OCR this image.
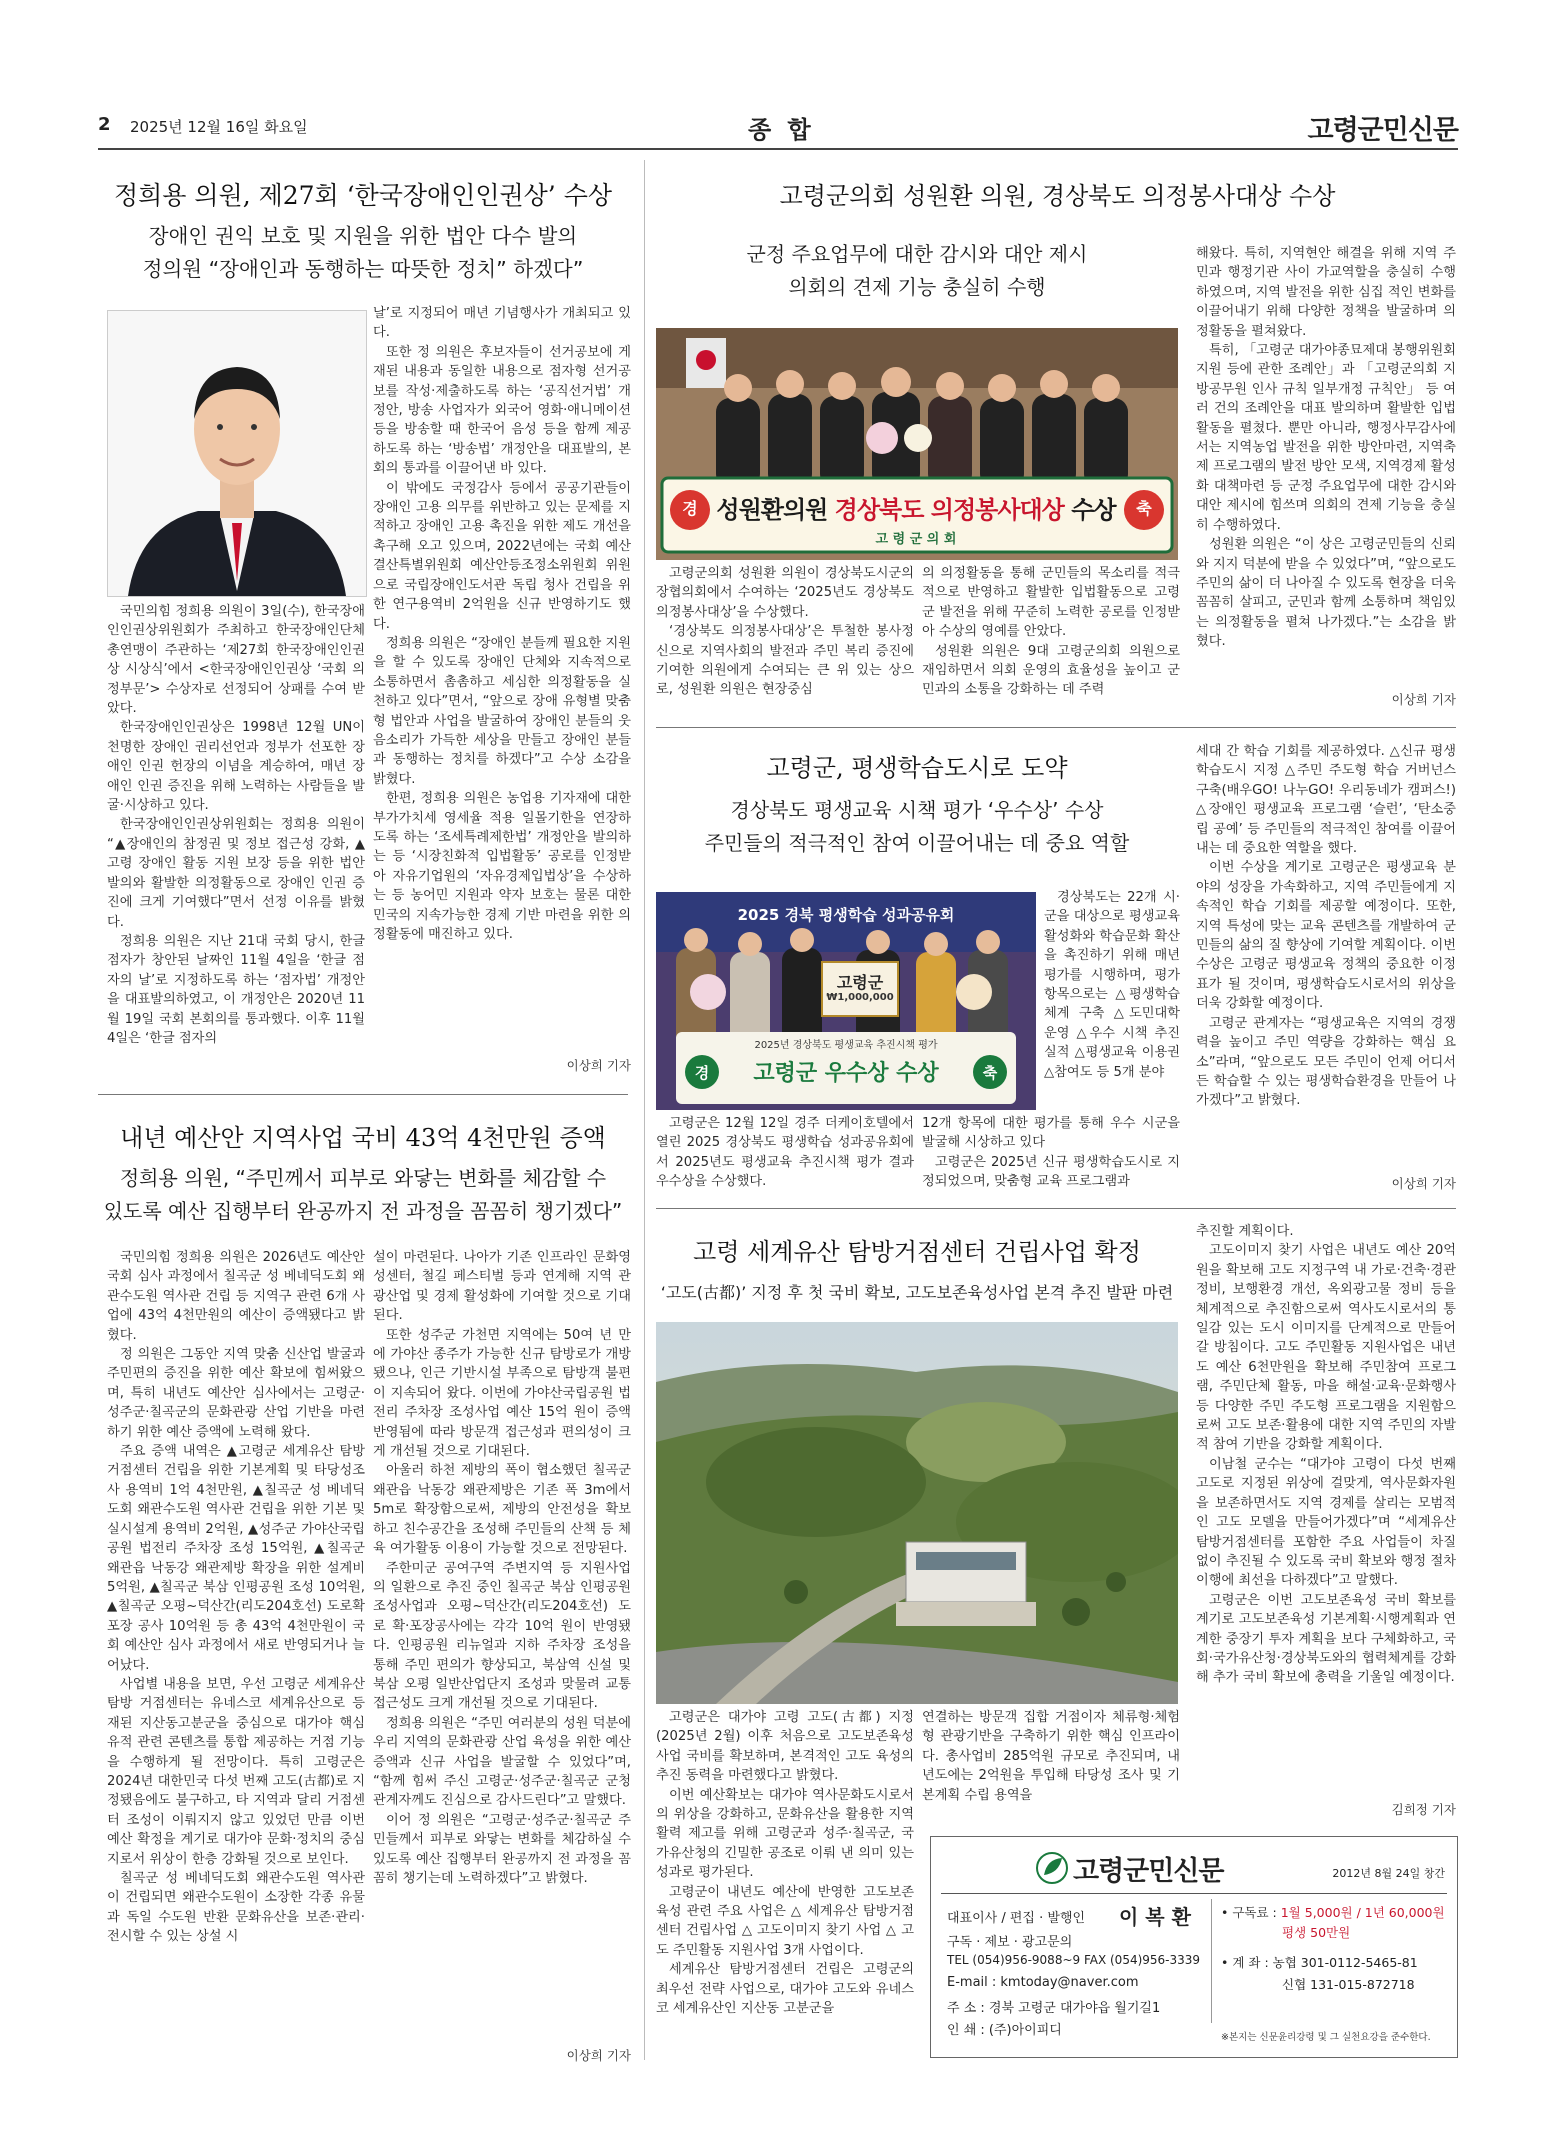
2 2025년 12월 16일 화요일	종 합	고령군민신문
정희용 의원, 제27회 ‘한국장애인인권상’ 수상
장애인 권익 보호 및 지원을 위한 법안 다수 발의
정의원 “장애인과 동행하는 따뜻한 정치” 하겠다”

국민의힘 정희용 의원이 3일(수), 한국장애인인권상위원회가 주최하고 한국장애인단체총연맹이 주관하는 ‘제27회 한국장애인인권상 시상식’에서 <한국장애인인권상 ‘국회 의정부문’> 수상자로 선정되어 상패를 수여 받았다.

한국장애인인권상은 1998년 12월 UN이 천명한 장애인 권리선언과 정부가 선포한 장애인 인권 헌장의 이념을 계승하여, 매년 장애인 인권 증진을 위해 노력하는 사람들을 발굴·시상하고 있다.

한국장애인인권상위원회는 정희용 의원이 “▲장애인의 참정권 및 정보 접근성 강화, ▲고령 장애인 활동 지원 보장 등을 위한 법안 발의와 활발한 의정활동으로 장애인 인권 증진에 크게 기여했다”면서 선정 이유를 밝혔다.

정희용 의원은 지난 21대 국회 당시, 한글 점자가 창안된 날짜인 11월 4일을 ‘한글 점자의 날’로 지정하도록 하는 ‘점자법’ 개정안을 대표발의하였고, 이 개정안은 2020년 11월 19일 국회 본회의를 통과했다. 이후 11월 4일은 ‘한글 점자의

날’로 지정되어 매년 기념행사가 개최되고 있다.

또한 정 의원은 후보자들이 선거공보에 게재된 내용과 동일한 내용으로 점자형 선거공보를 작성·제출하도록 하는 ‘공직선거법’ 개정안, 방송 사업자가 외국어 영화·애니메이션 등을 방송할 때 한국어 음성 등을 함께 제공하도록 하는 ‘방송법’ 개정안을 대표발의, 본회의 통과를 이끌어낸 바 있다.

이 밖에도 국정감사 등에서 공공기관들이 장애인 고용 의무를 위반하고 있는 문제를 지적하고 장애인 고용 촉진을 위한 제도 개선을 촉구해 오고 있으며, 2022년에는 국회 예산결산특별위원회 예산안등조정소위원회 위원으로 국립장애인도서관 독립 청사 건립을 위한 연구용역비 2억원을 신규 반영하기도 했다.

정희용 의원은 “장애인 분들께 필요한 지원을 할 수 있도록 장애인 단체와 지속적으로 소통하면서 촘촘하고 세심한 의정활동을 실천하고 있다”면서, “앞으로 장애 유형별 맞춤형 법안과 사업을 발굴하여 장애인 분들의 웃음소리가 가득한 세상을 만들고 장애인 분들과 동행하는 정치를 하겠다”고 수상 소감을 밝혔다.

한편, 정희용 의원은 농업용 기자재에 대한 부가가치세 영세율 적용 일몰기한을 연장하도록 하는 ‘조세특례제한법’ 개정안을 발의하는 등 ‘시장친화적 입법활동’ 공로를 인정받아 자유기업원의 ‘자유경제입법상’을 수상하는 등 농어민 지원과 약자 보호는 물론 대한민국의 지속가능한 경제 기반 마련을 위한 의정활동에 매진하고 있다.

이상희 기자
내년 예산안 지역사업 국비 43억 4천만원 증액
정희용 의원, “주민께서 피부로 와닿는 변화를 체감할 수
있도록 예산 집행부터 완공까지 전 과정을 꼼꼼히 챙기겠다”

국민의힘 정희용 의원은 2026년도 예산안 국회 심사 과정에서 칠곡군 성 베네딕도회 왜관수도원 역사관 건립 등 지역구 관련 6개 사업에 43억 4천만원의 예산이 증액됐다고 밝혔다.

정 의원은 그동안 지역 맞춤 신산업 발굴과 주민편의 증진을 위한 예산 확보에 힘써왔으며, 특히 내년도 예산안 심사에서는 고령군·성주군·칠곡군의 문화관광 산업 기반을 마련하기 위한 예산 증액에 노력해 왔다.

주요 증액 내역은 ▲고령군 세계유산 탐방거점센터 건립을 위한 기본계획 및 타당성조사 용역비 1억 4천만원, ▲칠곡군 성 베네딕도회 왜관수도원 역사관 건립을 위한 기본 및 실시설계 용역비 2억원, ▲성주군 가야산국립공원 법전리 주차장 조성 15억원, ▲칠곡군 왜관읍 낙동강 왜관제방 확장을 위한 설계비 5억원, ▲칠곡군 북삼 인평공원 조성 10억원, ▲칠곡군 오평~덕산간(리도204호선) 도로확포장 공사 10억원 등 총 43억 4천만원이 국회 예산안 심사 과정에서 새로 반영되거나 늘어났다.

사업별 내용을 보면, 우선 고령군 세계유산 탐방 거점센터는 유네스코 세계유산으로 등재된 지산동고분군을 중심으로 대가야 핵심 유적 관련 콘텐츠를 통합 제공하는 거점 기능을 수행하게 될 전망이다. 특히 고령군은 2024년 대한민국 다섯 번째 고도(古都)로 지정됐음에도 불구하고, 타 지역과 달리 거점센터 조성이 이뤄지지 않고 있었던 만큼 이번 예산 확정을 계기로 대가야 문화·정치의 중심지로서 위상이 한층 강화될 것으로 보인다.

칠곡군 성 베네딕도회 왜관수도원 역사관이 건립되면 왜관수도원이 소장한 각종 유물과 독일 수도원 반환 문화유산을 보존·관리·전시할 수 있는 상설 시

설이 마련된다. 나아가 기존 인프라인 문화영성센터, 철길 페스티벌 등과 연계해 지역 관광산업 및 경제 활성화에 기여할 것으로 기대된다.

또한 성주군 가천면 지역에는 50여 년 만에 가야산 종주가 가능한 신규 탐방로가 개방됐으나, 인근 기반시설 부족으로 탐방객 불편이 지속되어 왔다. 이번에 가야산국립공원 법전리 주차장 조성사업 예산 15억 원이 증액 반영됨에 따라 방문객 접근성과 편의성이 크게 개선될 것으로 기대된다.

아울러 하천 제방의 폭이 협소했던 칠곡군 왜관읍 낙동강 왜관제방은 기존 폭 3m에서 5m로 확장함으로써, 제방의 안전성을 확보하고 친수공간을 조성해 주민들의 산책 등 체육 여가활동 이용이 가능할 것으로 전망된다.

주한미군 공여구역 주변지역 등 지원사업의 일환으로 추진 중인 칠곡군 북삼 인평공원 조성사업과 오평~덕산간(리도204호선) 도로 확·포장공사에는 각각 10억 원이 반영됐다. 인평공원 리뉴얼과 지하 주차장 조성을 통해 주민 편의가 향상되고, 북삼역 신설 및 북삼 오평 일반산업단지 조성과 맞물려 교통 접근성도 크게 개선될 것으로 기대된다.

정희용 의원은 “주민 여러분의 성원 덕분에 우리 지역의 문화관광 산업 육성을 위한 예산 증액과 신규 사업을 발굴할 수 있었다”며, “함께 힘써 주신 고령군·성주군·칠곡군 군청 관계자께도 진심으로 감사드린다”고 말했다.

이어 정 의원은 “고령군·성주군·칠곡군 주민들께서 피부로 와닿는 변화를 체감하실 수 있도록 예산 집행부터 완공까지 전 과정을 꼼꼼히 챙기는데 노력하겠다”고 밝혔다.

이상희 기자
고령군의회 성원환 의원, 경상북도 의정봉사대상 수상
군정 주요업무에 대한 감시와 대안 제시
의회의 견제 기능 충실히 수행
경	축
성원환의원 경상북도 의정봉사대상 수상
고 령 군 의 회

고령군의회 성원환 의원이 경상북도시군의장협의회에서 수여하는 ‘2025년도 경상북도 의정봉사대상’을 수상했다.

‘경상북도 의정봉사대상’은 투철한 봉사정신으로 지역사회의 발전과 주민 복리 증진에 기여한 의원에게 수여되는 큰 위 있는 상으로, 성원환 의원은 현장중심

의 의정활동을 통해 군민들의 목소리를 적극적으로 반영하고 활발한 입법활동으로 고령군 발전을 위해 꾸준히 노력한 공로를 인정받아 수상의 영예를 안았다.

성원환 의원은 9대 고령군의회 의원으로 재임하면서 의회 운영의 효율성을 높이고 군민과의 소통을 강화하는 데 주력

해왔다. 특히, 지역현안 해결을 위해 지역 주민과 행정기관 사이 가교역할을 충실히 수행하였으며, 지역 발전을 위한 심집 적인 변화를 이끌어내기 위해 다양한 정책을 발굴하며 의정활동을 펼쳐왔다.

특히, 「고령군 대가야종묘제대 봉행위원회 지원 등에 관한 조례안」과 「고령군의회 지방공무원 인사 규칙 일부개정 규칙안」 등 여러 건의 조례안을 대표 발의하며 활발한 입법 활동을 펼쳤다. 뿐만 아니라, 행정사무감사에서는 지역농업 발전을 위한 방안마련, 지역축제 프로그램의 발전 방안 모색, 지역경제 활성화 대책마련 등 군정 주요업무에 대한 감시와 대안 제시에 힘쓰며 의회의 견제 기능을 충실히 수행하였다.

성원환 의원은 “이 상은 고령군민들의 신뢰와 지지 덕분에 받을 수 있었다”며, “앞으로도 주민의 삶이 더 나아질 수 있도록 현장을 더욱 꼼꼼히 살피고, 군민과 함께 소통하며 책임있는 의정활동을 펼쳐 나가겠다.”는 소감을 밝혔다.

이상희 기자
고령군, 평생학습도시로 도약
경상북도 평생교육 시책 평가 ‘우수상’ 수상
주민들의 적극적인 참여 이끌어내는 데 중요 역할
2025 경북 평생학습 성과공유회
고령군
₩1,000,000
2025년 경상북도 평생교육 추진시책 평가
경	축
고령군 우수상 수상

경상북도는 22개 시·군을 대상으로 평생교육 활성화와 학습문화 확산을 촉진하기 위해 매년 평가를 시행하며, 평가 항목으로는 △평생학습 체계 구축 △도민대학 운영 △우수 시책 추진 실적 △평생교육 이용권 △참여도 등 5개 분야

고령군은 12월 12일 경주 더케이호텔에서 열린 2025 경상북도 평생학습 성과공유회에서 2025년도 평생교육 추진시책 평가 결과 우수상을 수상했다.

12개 항목에 대한 평가를 통해 우수 시군을 발굴해 시상하고 있다

고령군은 2025년 신규 평생학습도시로 지정되었으며, 맞춤형 교육 프로그램과

세대 간 학습 기회를 제공하였다. △신규 평생학습도시 지정 △주민 주도형 학습 거버넌스 구축(배우GO! 나누GO! 우리동네가 캠퍼스!) △장애인 평생교육 프로그램 ‘슬런’, ‘탄소중립 공예’ 등 주민들의 적극적인 참여를 이끌어내는 데 중요한 역할을 했다.

이번 수상을 계기로 고령군은 평생교육 분야의 성장을 가속화하고, 지역 주민들에게 지속적인 학습 기회를 제공할 예정이다. 또한, 지역 특성에 맞는 교육 콘텐츠를 개발하여 군민들의 삶의 질 향상에 기여할 계획이다. 이번 수상은 고령군 평생교육 정책의 중요한 이정표가 될 것이며, 평생학습도시로서의 위상을 더욱 강화할 예정이다.

고령군 관계자는 “평생교육은 지역의 경쟁력을 높이고 주민 역량을 강화하는 핵심 요소”라며, “앞으로도 모든 주민이 언제 어디서든 학습할 수 있는 평생학습환경을 만들어 나가겠다”고 밝혔다.

이상희 기자
고령 세계유산 탐방거점센터 건립사업 확정
‘고도(古都)’ 지정 후 첫 국비 확보, 고도보존육성사업 본격 추진 발판 마련

고령군은 대가야 고령 고도(古都) 지정(2025년 2월) 이후 처음으로 고도보존육성사업 국비를 확보하며, 본격적인 고도 육성의 추진 동력을 마련했다고 밝혔다.

이번 예산확보는 대가야 역사문화도시로서의 위상을 강화하고, 문화유산을 활용한 지역 활력 제고를 위해 고령군과 성주·칠곡군, 국가유산청의 긴밀한 공조로 이뤄 낸 의미 있는 성과로 평가된다.

고령군이 내년도 예산에 반영한 고도보존육성 관련 주요 사업은 △ 세계유산 탐방거점센터 건립사업 △ 고도이미지 찾기 사업 △ 고도 주민활동 지원사업 3개 사업이다.

세계유산 탐방거점센터 건립은 고령군의 최우선 전략 사업으로, 대가야 고도와 유네스코 세계유산인 지산동 고분군을

연결하는 방문객 집합 거점이자 체류형·체험형 관광기반을 구축하기 위한 핵심 인프라이다. 총사업비 285억원 규모로 추진되며, 내년도에는 2억원을 투입해 타당성 조사 및 기본계획 수립 용역을

추진할 계획이다.

고도이미지 찾기 사업은 내년도 예산 20억원을 확보해 고도 지정구역 내 가로·건축·경관 정비, 보행환경 개선, 옥외광고물 정비 등을 체계적으로 추진함으로써 역사도시로서의 통일감 있는 도시 이미지를 단계적으로 만들어갈 방침이다. 고도 주민활동 지원사업은 내년도 예산 6천만원을 확보해 주민참여 프로그램, 주민단체 활동, 마을 해설·교육·문화행사 등 다양한 주민 주도형 프로그램을 지원함으로써 고도 보존·활용에 대한 지역 주민의 자발적 참여 기반을 강화할 계획이다.

이남철 군수는 “대가야 고령이 다섯 번째 고도로 지정된 위상에 걸맞게, 역사문화자원을 보존하면서도 지역 경제를 살리는 모범적인 고도 모델을 만들어가겠다”며 “세계유산 탐방거점센터를 포함한 주요 사업들이 차질 없이 추진될 수 있도록 국비 확보와 행정 절차 이행에 최선을 다하겠다”고 말했다.

고령군은 이번 고도보존육성 국비 확보를 계기로 고도보존육성 기본계획·시행계획과 연계한 중장기 투자 계획을 보다 구체화하고, 국회·국가유산청·경상북도와의 협력체계를 강화해 추가 국비 확보에 총력을 기울일 예정이다.

김희정 기자
고령군민신문	2012년 8월 24일 창간
대표이사 / 편집 · 발행인 이 복 환
구독 · 제보 · 광고문의
TEL (054)956-9088~9 FAX (054)956-3339
E-mail : kmtoday@naver.com
주 소 : 경북 고령군 대가야읍 월기길1
인 쇄 : (주)아이피디
• 구독료 : 1월 5,000원 / 1년 60,000원
평생 50만원
• 계 좌 : 농협 301-0112-5465-81
신협 131-015-872718
※본지는 신문윤리강령 및 그 실천요강을 준수한다.
